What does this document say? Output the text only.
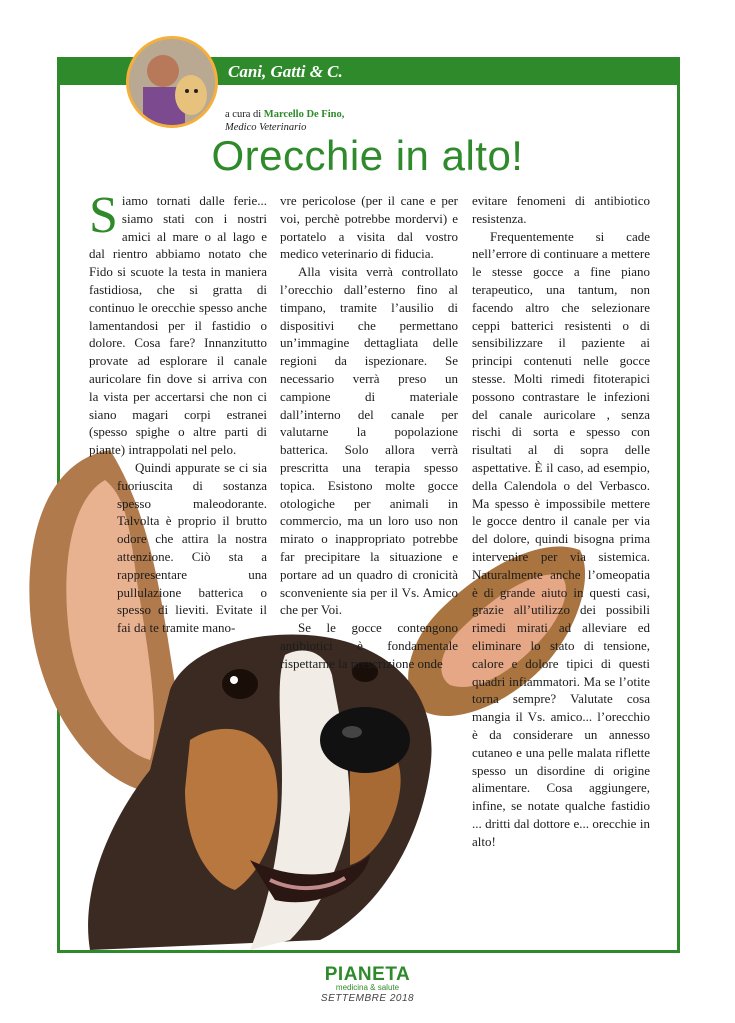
Cani, Gatti & C.
a cura di Marcello De Fino,
Medico Veterinario
Orecchie in alto!

Siamo tornati dalle ferie... siamo stati con i nostri amici al mare o al lago e dal rientro abbiamo notato che Fido si scuote la testa in maniera fastidiosa, che si gratta di continuo le orecchie spesso anche lamentandosi per il fastidio o dolore. Cosa fare? Innanzitutto provate ad esplorare il canale auricolare fin dove si arriva con la vista per accertarsi che non ci siano magari corpi estranei (spesso spighe o altre parti di piante) intrappolati nel pelo.

Quindi appurate se ci sia fuoriuscita di sostanza spesso maleodorante. Talvolta è proprio il brutto odore che attira la nostra attenzione. Ciò sta a rappresentare una pullulazione batterica o spesso di lieviti. Evitate il fai da te tramite mano-

vre pericolose (per il cane e per voi, perchè potrebbe mordervi) e portatelo a visita dal vostro medico veterinario di fiducia.

Alla visita verrà controllato l’orecchio dall’esterno fino al timpano, tramite l’ausilio di dispositivi che permettano un’immagine dettagliata delle regioni da ispezionare. Se necessario verrà preso un campione di materiale dall’interno del canale per valutarne la popolazione batterica. Solo allora verrà prescritta una terapia spesso topica. Esistono molte gocce otologiche per animali in commercio, ma un loro uso non mirato o inappropriato potrebbe far precipitare la situazione e portare ad un quadro di cronicità sconveniente sia per il Vs. Amico che per Voi.

Se le gocce contengono antibiotici è fondamentale rispettarne la prescrizione onde

evitare fenomeni di antibiotico resistenza.

Frequentemente si cade nell’errore di continuare a mettere le stesse gocce a fine piano terapeutico, una tantum, non facendo altro che selezionare ceppi batterici resistenti o di sensibilizzare il paziente ai principi contenuti nelle gocce stesse. Molti rimedi fitoterapici possono contrastare le infezioni del canale auricolare , senza rischi di sorta e spesso con risultati al di sopra delle aspettative. È il caso, ad esempio, della Calendola o del Verbasco. Ma spesso è impossibile mettere le gocce dentro il canale per via del dolore, quindi bisogna prima intervenire per via sistemica. Naturalmente anche l’omeopatia è di grande aiuto in questi casi, grazie all’utilizzo dei possibili rimedi mirati ad alleviare ed eliminare lo stato di tensione, calore e dolore tipici di questi quadri infiammatori. Ma se l’otite torna sempre? Valutate cosa mangia il Vs. amico... l’orecchio è da considerare un annesso cutaneo e una pelle malata riflette spesso un disordine di origine alimentare. Cosa aggiungere, infine, se notate qualche fastidio ... dritti dal dottore e... orecchie in alto!

PIANETA
medicina & salute
SETTEMBRE 2018
